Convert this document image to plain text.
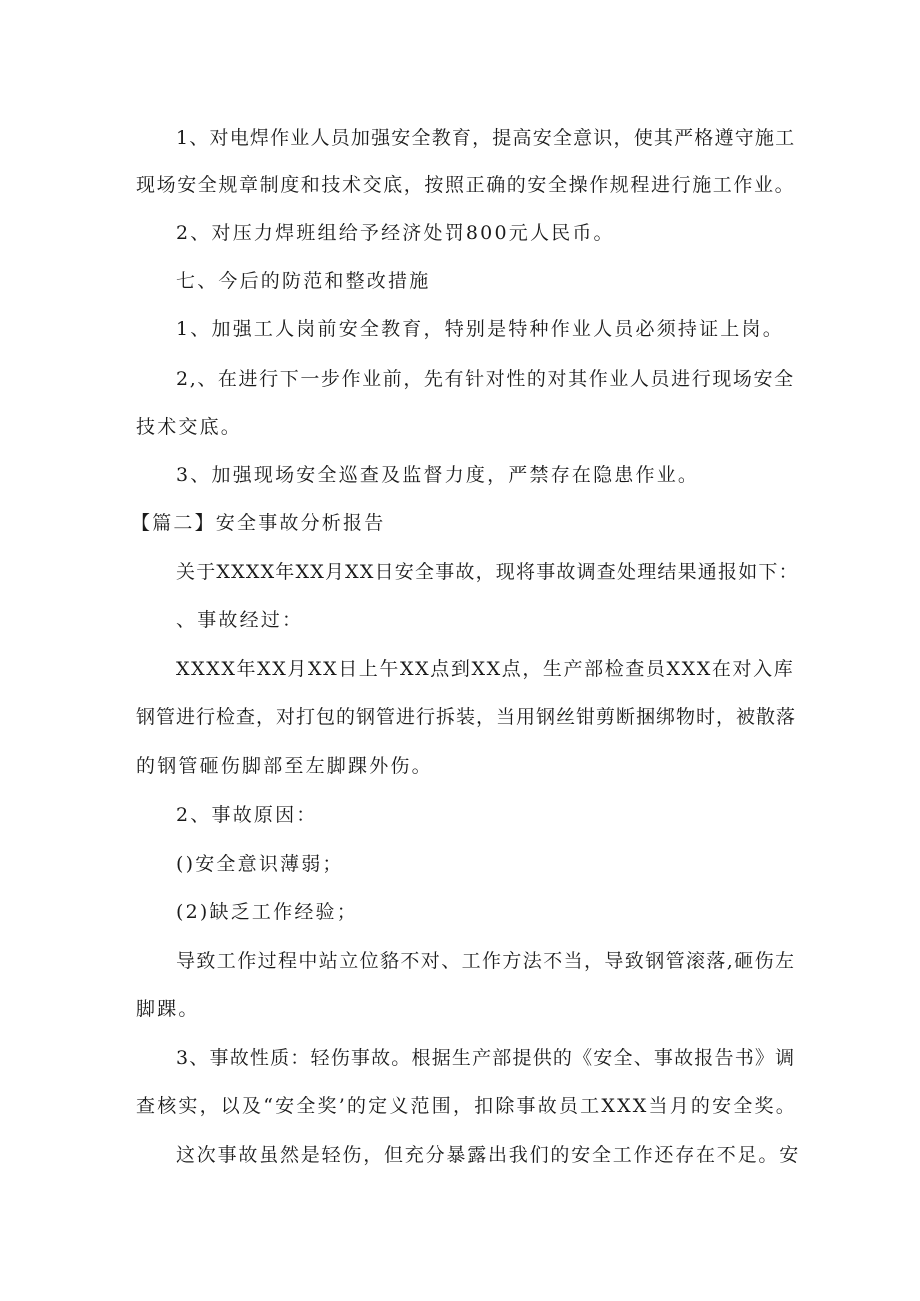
1、对电焊作业人员加强安全教育，提高安全意识，使其严格遵守施工
现场安全规章制度和技术交底，按照正确的安全操作规程进行施工作业。
2、对压力焊班组给予经济处罚800元人民币。
七、今后的防范和整改措施
1、加强工人岗前安全教育，特别是特种作业人员必须持证上岗。
2,、在进行下一步作业前，先有针对性的对其作业人员进行现场安全
技术交底。
3、加强现场安全巡查及监督力度，严禁存在隐患作业。
【篇二】安全事故分析报告
关于XXXX年XX月XX日安全事故，现将事故调查处理结果通报如下：
、事故经过：
XXXX年XX月XX日上午XX点到XX点，生产部检查员XXX在对入库
钢管进行检查，对打包的钢管进行拆装，当用钢丝钳剪断捆绑物时，被散落
的钢管砸伤脚部至左脚踝外伤。
2、事故原因：
()安全意识薄弱；
(2)缺乏工作经验；
导致工作过程中站立位貉不对、工作方法不当，导致钢管滚落,砸伤左
脚踝。
3、事故性质：轻伤事故。根据生产部提供的《安全、事故报告书》调
查核实，以及“安全奖’的定义范围，扣除事故员工XXX当月的安全奖。
这次事故虽然是轻伤，但充分暴露出我们的安全工作还存在不足。安
